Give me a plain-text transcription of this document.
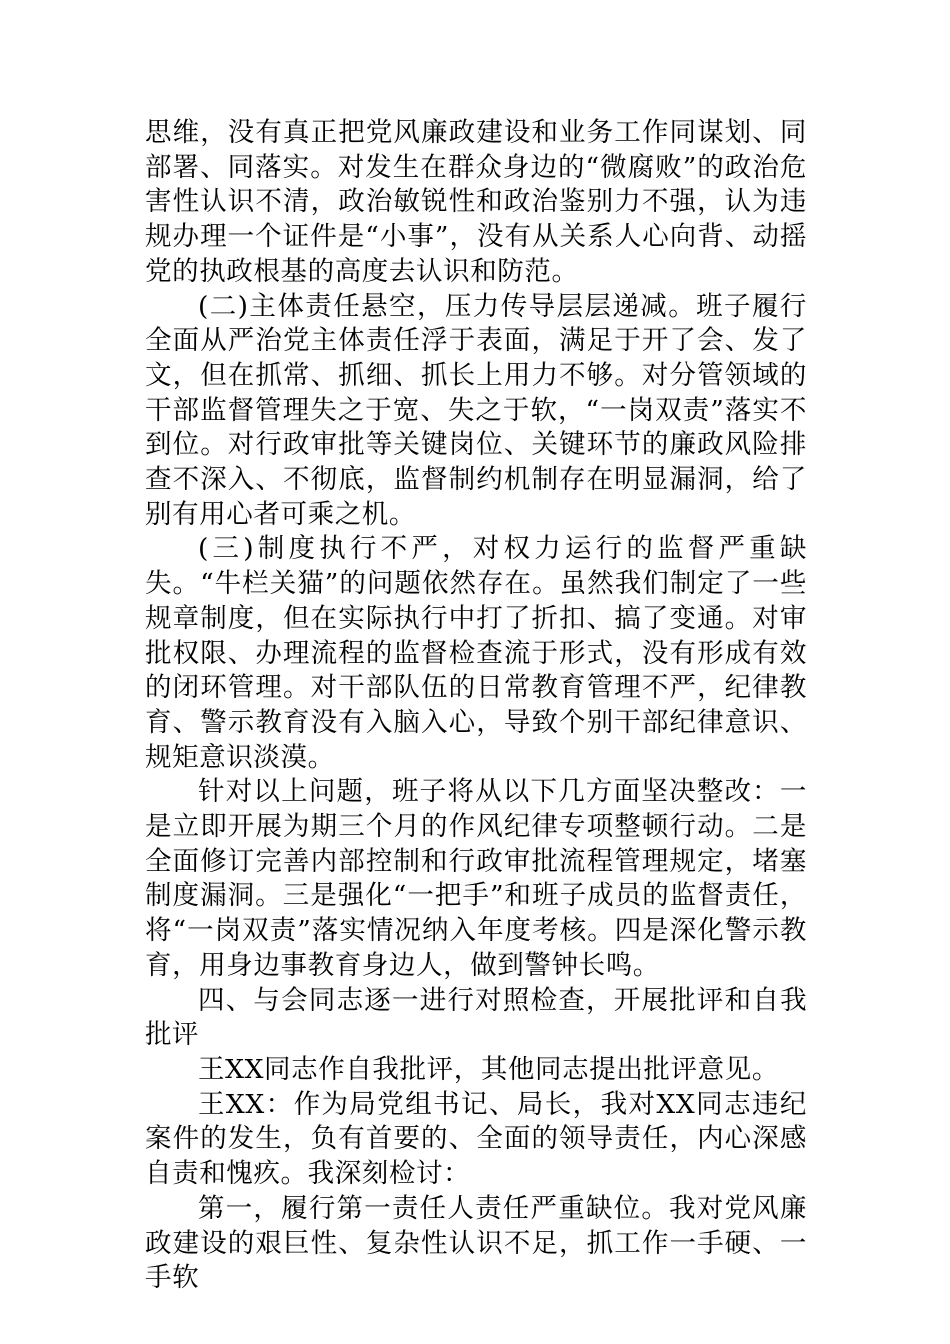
思维，没有真正把党风廉政建设和业务工作同谋划、同部署、同落实。对发生在群众身边的“微腐败”的政治危害性认识不清，政治敏锐性和政治鉴别力不强，认为违规办理一个证件是“小事”，没有从关系人心向背、动摇党的执政根基的高度去认识和防范。

(二)主体责任悬空，压力传导层层递减。班子履行全面从严治党主体责任浮于表面，满足于开了会、发了文，但在抓常、抓细、抓长上用力不够。对分管领域的干部监督管理失之于宽、失之于软，“一岗双责”落实不到位。对行政审批等关键岗位、关键环节的廉政风险排查不深入、不彻底，监督制约机制存在明显漏洞，给了别有用心者可乘之机。

(三)制度执行不严，对权力运行的监督严重缺失。“牛栏关猫”的问题依然存在。虽然我们制定了一些规章制度，但在实际执行中打了折扣、搞了变通。对审批权限、办理流程的监督检查流于形式，没有形成有效的闭环管理。对干部队伍的日常教育管理不严，纪律教育、警示教育没有入脑入心，导致个别干部纪律意识、规矩意识淡漠。

针对以上问题，班子将从以下几方面坚决整改：一是立即开展为期三个月的作风纪律专项整顿行动。二是全面修订完善内部控制和行政审批流程管理规定，堵塞制度漏洞。三是强化“一把手”和班子成员的监督责任，将“一岗双责”落实情况纳入年度考核。四是深化警示教育，用身边事教育身边人，做到警钟长鸣。

四、与会同志逐一进行对照检查，开展批评和自我批评

王XX同志作自我批评，其他同志提出批评意见。

王XX：作为局党组书记、局长，我对XX同志违纪案件的发生，负有首要的、全面的领导责任，内心深感自责和愧疚。我深刻检讨：

第一，履行第一责任人责任严重缺位。我对党风廉政建设的艰巨性、复杂性认识不足，抓工作一手硬、一手软
